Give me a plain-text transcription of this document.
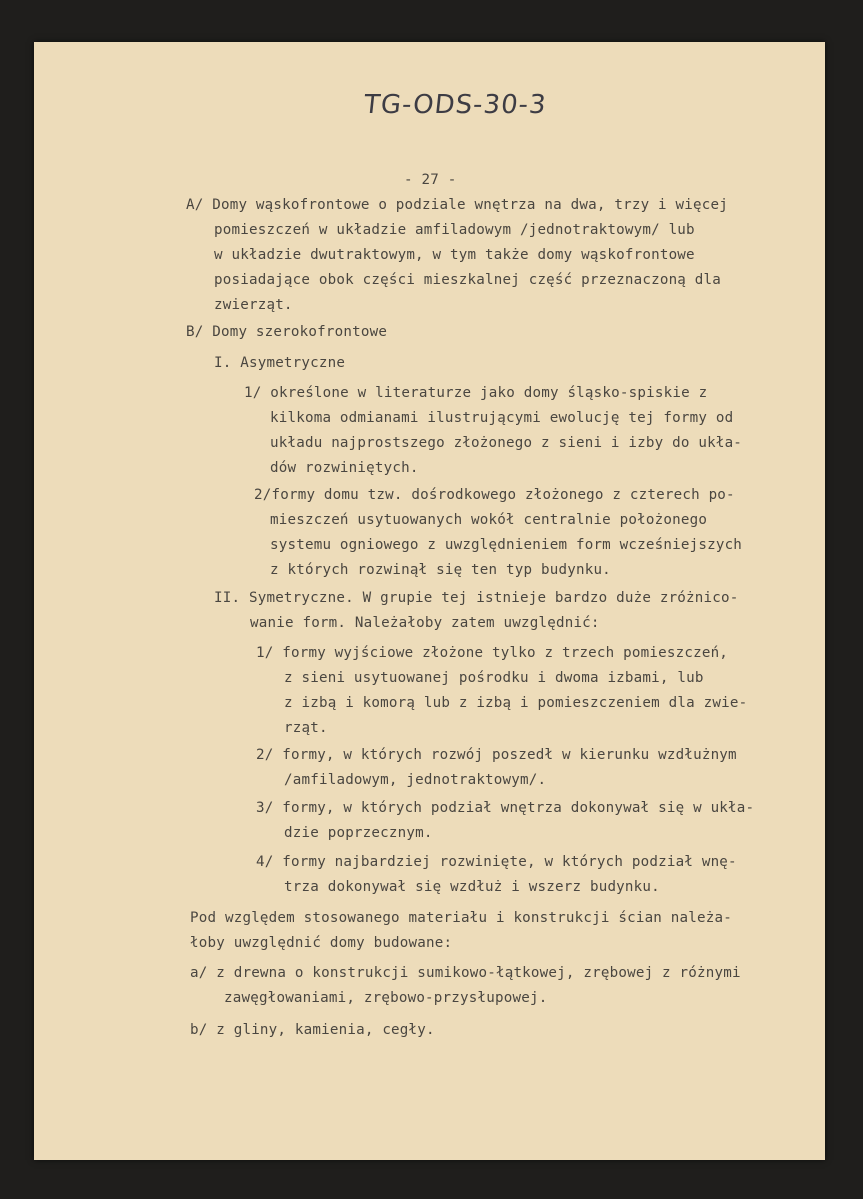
TG-ODS-30-3
- 27 -
A/ Domy wąskofrontowe o podziale wnętrza na dwa, trzy i więcej
pomieszczeń w układzie amfiladowym /jednotraktowym/ lub
w układzie dwutraktowym, w tym także domy wąskofrontowe
posiadające obok części mieszkalnej część przeznaczoną dla
zwierząt.
B/ Domy szerokofrontowe
I. Asymetryczne
1/ określone w literaturze jako domy śląsko-spiskie z
kilkoma odmianami ilustrującymi ewolucję tej formy od
układu najprostszego złożonego z sieni i izby do ukła-
dów rozwiniętych.
2/formy domu tzw. dośrodkowego złożonego z czterech po-
mieszczeń usytuowanych wokół centralnie położonego
systemu ogniowego z uwzględnieniem form wcześniejszych
z których rozwinął się ten typ budynku.
II. Symetryczne. W grupie tej istnieje bardzo duże zróżnico-
wanie form. Należałoby zatem uwzględnić:
1/ formy wyjściowe złożone tylko z trzech pomieszczeń,
z sieni usytuowanej pośrodku i dwoma izbami, lub
z izbą i komorą lub z izbą i pomieszczeniem dla zwie-
rząt.
2/ formy, w których rozwój poszedł w kierunku wzdłużnym
/amfiladowym, jednotraktowym/.
3/ formy, w których podział wnętrza dokonywał się w ukła-
dzie poprzecznym.
4/ formy najbardziej rozwinięte, w których podział wnę-
trza dokonywał się wzdłuż i wszerz budynku.
Pod względem stosowanego materiału i konstrukcji ścian należa-
łoby uwzględnić domy budowane:
a/ z drewna o konstrukcji sumikowo-łątkowej, zrębowej z różnymi
zawęgłowaniami, zrębowo-przysłupowej.
b/ z gliny, kamienia, cegły.
